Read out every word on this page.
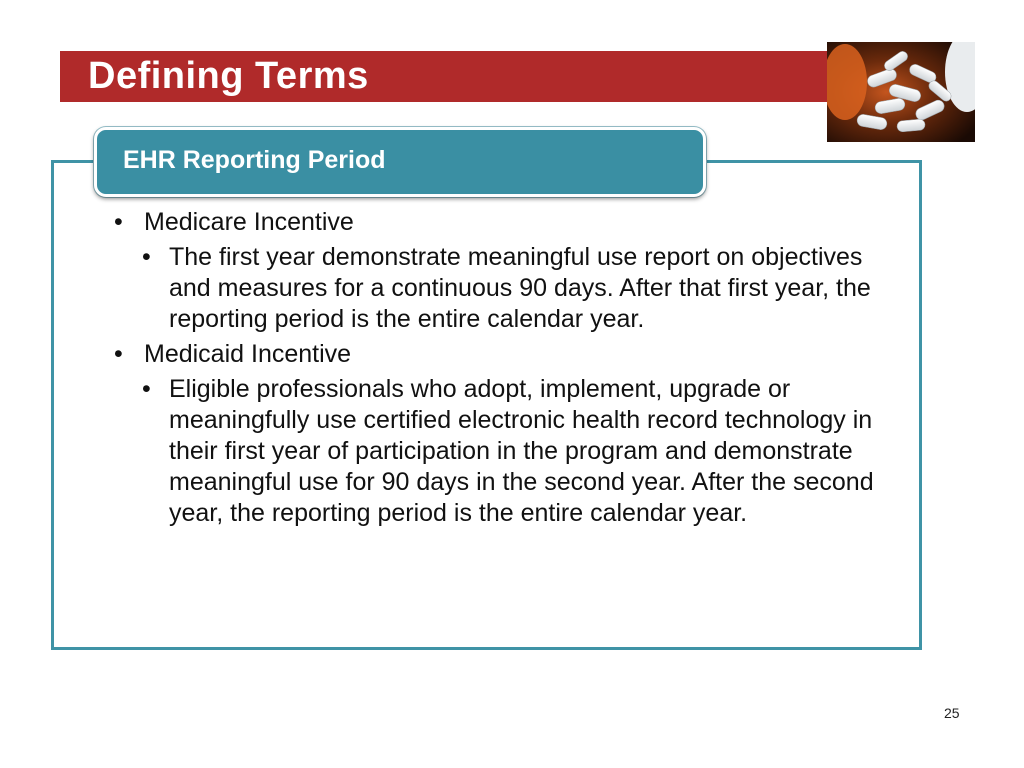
Defining Terms
EHR Reporting Period
• Medicare Incentive
• The first year demonstrate meaningful use report on objectives and measures for a continuous 90 days. After that first year, the reporting period is the entire calendar year.
• Medicaid Incentive
• Eligible professionals who adopt, implement, upgrade or meaningfully use certified electronic health record technology in their first year of participation in the program and demonstrate meaningful use for 90 days in the second year. After the second year, the reporting period is the entire calendar year.
25
